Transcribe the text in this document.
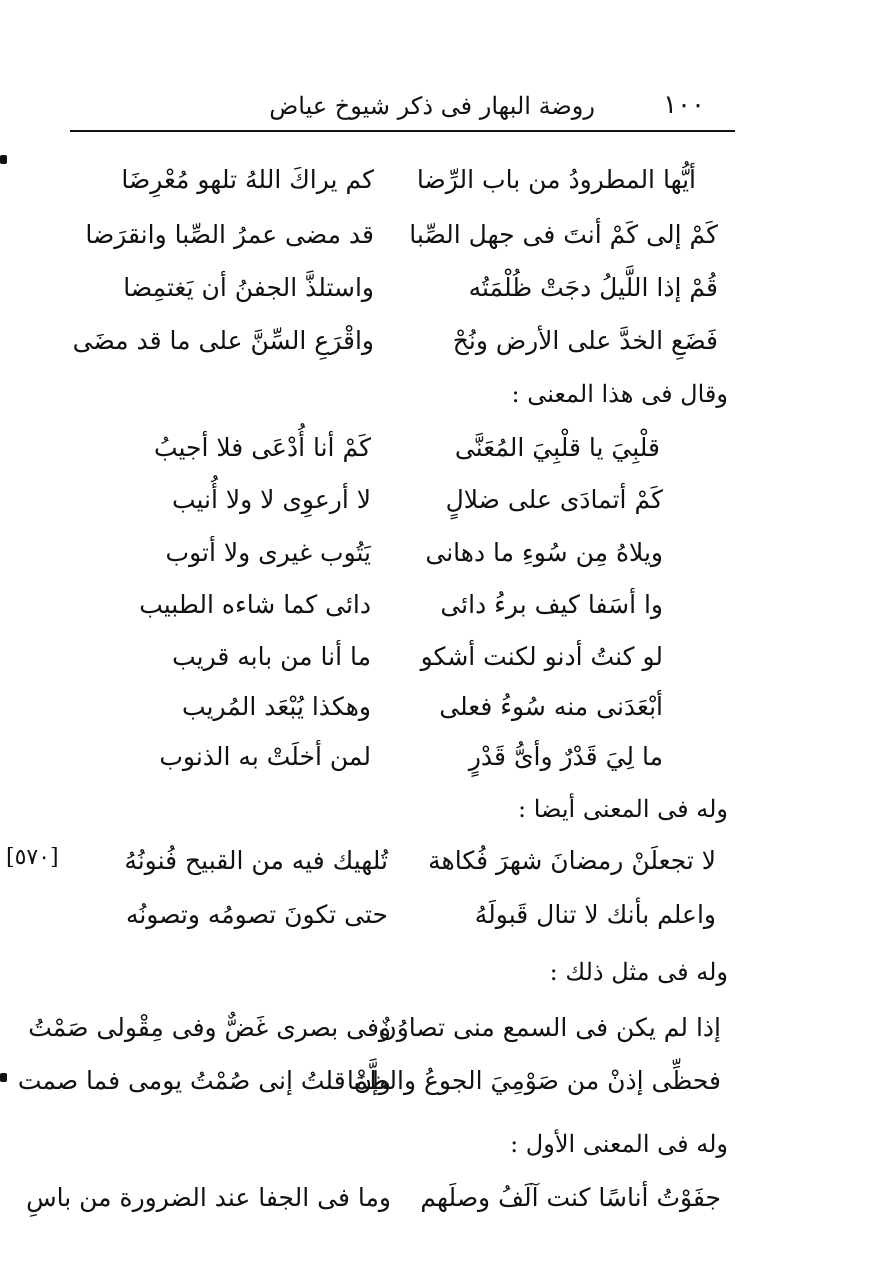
١٠٠
روضة البهار فى ذكر شيوخ عياض
[٥٧٠]
أيُّها المطرودُ من باب الرِّضا
كم يراكَ اللهُ تلهو مُعْرِضَا
كَمْ إلى كَمْ أنتَ فى جهل الصِّبا
قد مضى عمرُ الصِّبا وانقرَضا
قُمْ إذا اللَّيلُ دجَتْ ظُلْمَتُه
واستلذَّ الجفنُ أن يَغتمِضا
فَضَعِ الخدَّ على الأرض ونُحْ
واقْرَعِ السِّنَّ على ما قد مضَى
وقال فى هذا المعنى :
قلْبِيَ يا قلْبِيَ المُعَنَّى
كَمْ أنا أُدْعَى فلا أجيبُ
كَمْ أتمادَى على ضلالٍ
لا أرعوِى لا ولا أُنيب
ويلاهُ مِن سُوءِ ما دهانى
يَتُوب غيرى ولا أتوب
وا أسَفا كيف برءُ دائى
دائى كما شاءه الطبيب
لو كنتُ أدنو لكنت أشكو
ما أنا من بابه قريب
أبْعَدَنى منه سُوءُ فعلى
وهكذا يُبْعَد المُريب
ما لِيَ قَدْرٌ وأىُّ قَدْرٍ
لمن أخلَتْ به الذنوب
وله فى المعنى أيضا :
لا تجعلَنْ رمضانَ شهرَ فُكاهة
تُلهيك فيه من القبيح فُنونُهُ
واعلم بأنك لا تنال قَبولَهُ
حتى تكونَ تصومُه وتصونُه
وله فى مثل ذلك :
إذا لم يكن فى السمع منى تصاوُنٌ
وفى بصرى غَضٌّ وفى مِقْولى صَمْتُ
فحظِّى إذنْ من صَوْمِيَ الجوعُ والظَّمَا
وإنْ قلتُ إنى صُمْتُ يومى فما صمت
وله فى المعنى الأول :
جفَوْتُ أناسًا كنت آلَفُ وصلَهم
وما فى الجفا عند الضرورة من باسِ
